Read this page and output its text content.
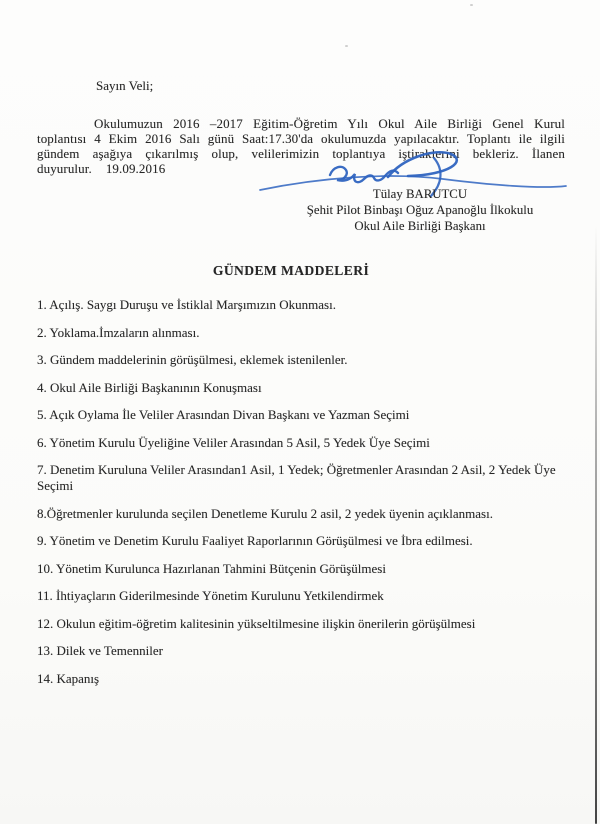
Sayın Veli;

Okulumuzun 2016 –2017 Eğitim-Öğretim Yılı Okul Aile Birliği Genel Kurul toplantısı 4 Ekim 2016 Salı günü Saat:17.30'da okulumuzda yapılacaktır. Toplantı ile ilgili gündem aşağıya çıkarılmış olup, velilerimizin toplantıya iştiraklerini bekleriz. İlanen duyurulur. 19.09.2016

Tülay BARUTCU
Şehit Pilot Binbaşı Oğuz Apanoğlu İlkokulu
Okul Aile Birliği Başkanı
GÜNDEM MADDELERİ
1. Açılış. Saygı Duruşu ve İstiklal Marşımızın Okunması.
2. Yoklama.İmzaların alınması.
3. Gündem maddelerinin görüşülmesi, eklemek istenilenler.
4. Okul Aile Birliği Başkanının Konuşması
5. Açık Oylama İle Veliler Arasından Divan Başkanı ve Yazman Seçimi
6. Yönetim Kurulu Üyeliğine Veliler Arasından 5 Asil, 5 Yedek Üye Seçimi
7. Denetim Kuruluna Veliler Arasından1 Asil, 1 Yedek; Öğretmenler Arasından 2 Asil, 2 Yedek Üye Seçimi
8.Öğretmenler kurulunda seçilen Denetleme Kurulu 2 asil, 2 yedek üyenin açıklanması.
9. Yönetim ve Denetim Kurulu Faaliyet Raporlarının Görüşülmesi ve İbra edilmesi.
10. Yönetim Kurulunca Hazırlanan Tahmini Bütçenin Görüşülmesi
11. İhtiyaçların Giderilmesinde Yönetim Kurulunu Yetkilendirmek
12. Okulun eğitim-öğretim kalitesinin yükseltilmesine ilişkin önerilerin görüşülmesi
13. Dilek ve Temenniler
14. Kapanış
